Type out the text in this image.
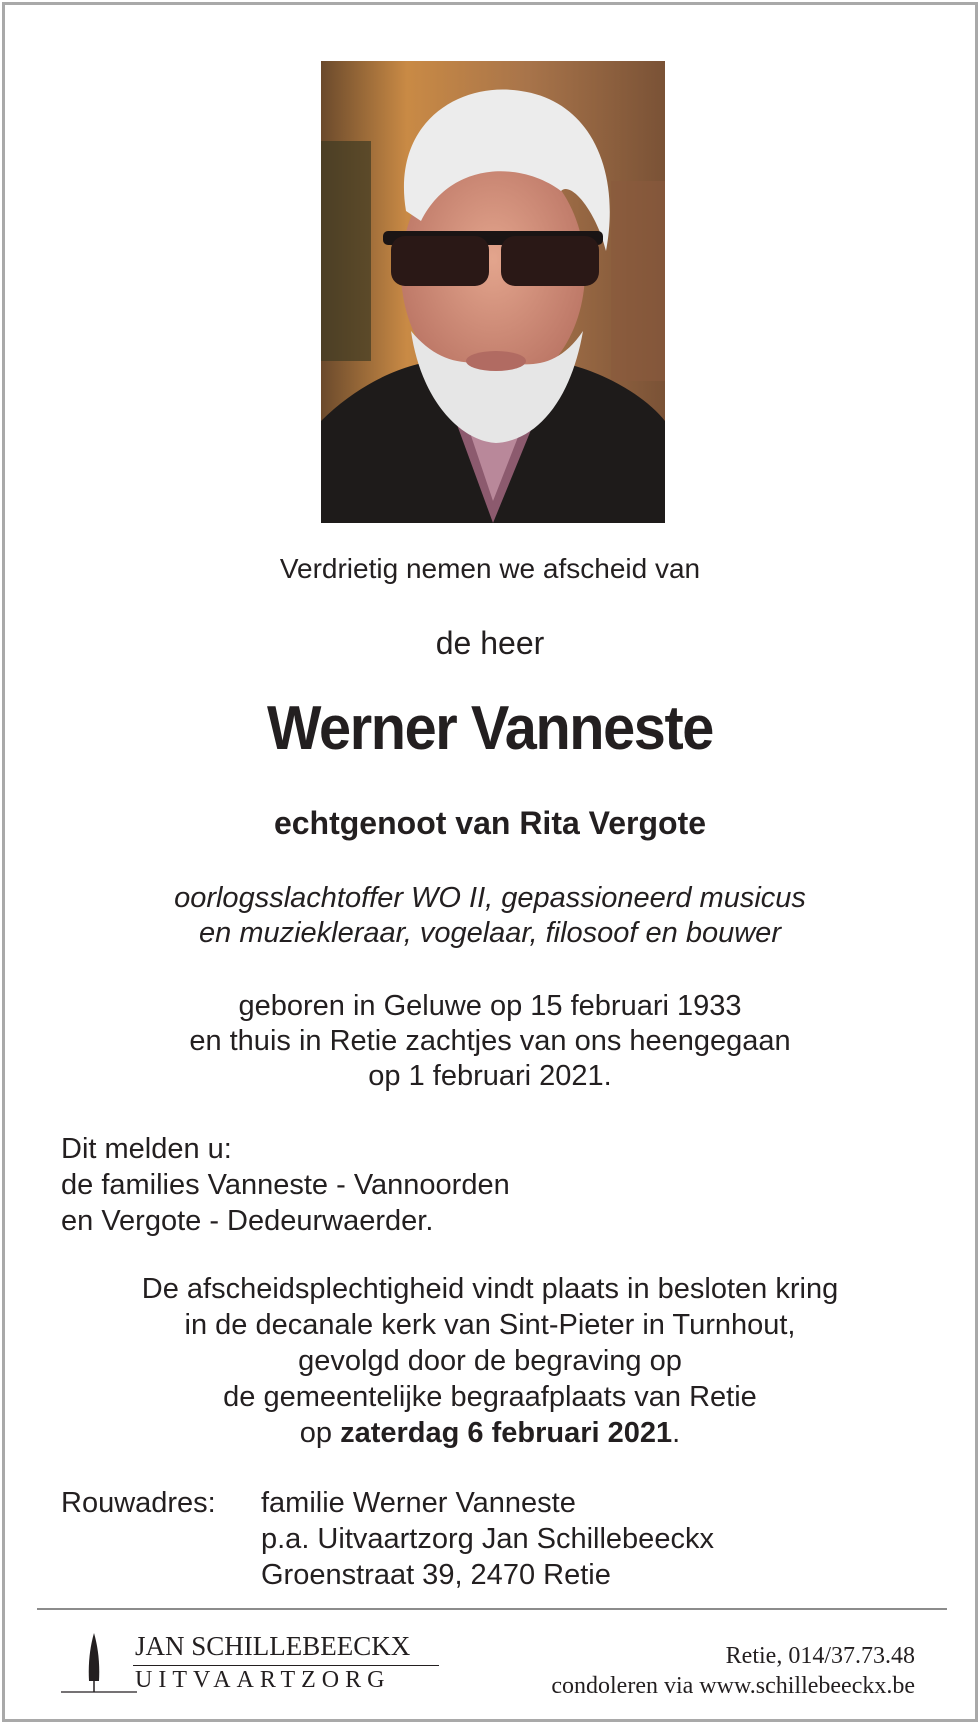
Verdrietig nemen we afscheid van
de heer
Werner Vanneste
echtgenoot van Rita Vergote
oorlogsslachtoffer WO II, gepassioneerd musicus
en muziekleraar, vogelaar, filosoof en bouwer
geboren in Geluwe op 15 februari 1933
en thuis in Retie zachtjes van ons heengegaan
op 1 februari 2021.
Dit melden u:
de families Vanneste - Vannoorden
en Vergote - Dedeurwaerder.
De afscheidsplechtigheid vindt plaats in besloten kring
in de decanale kerk van Sint-Pieter in Turnhout,
gevolgd door de begraving op
de gemeentelijke begraafplaats van Retie
op zaterdag 6 februari 2021.
Rouwadres: familie Werner Vanneste
p.a. Uitvaartzorg Jan Schillebeeckx
Groenstraat 39, 2470 Retie
JAN SCHILLEBEECKX
UITVAARTZORG
Retie, 014/37.73.48
condoleren via www.schillebeeckx.be
